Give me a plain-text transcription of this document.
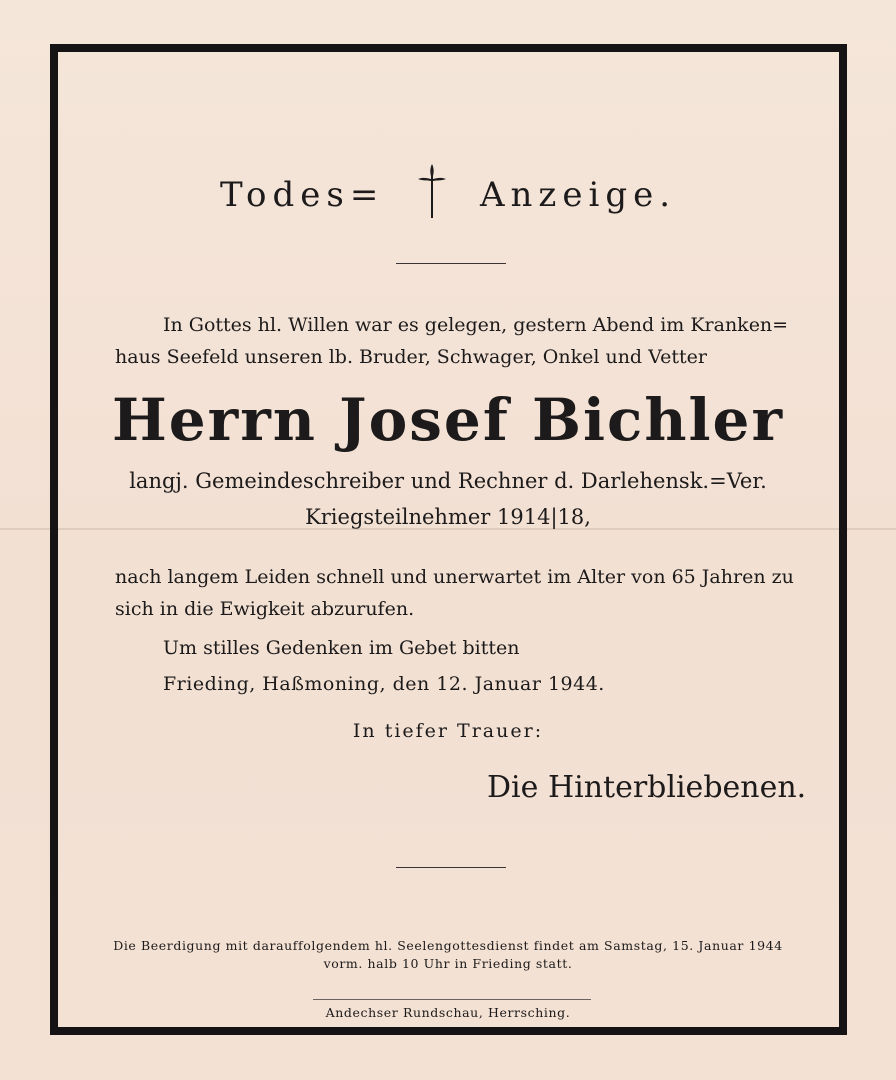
Todes=	Anzeige.
In Gottes hl. Willen war es gelegen, gestern Abend im Kranken=
haus Seefeld unseren lb. Bruder, Schwager, Onkel und Vetter
Herrn Josef Bichler
langj. Gemeindeschreiber und Rechner d. Darlehensk.=Ver.
Kriegsteilnehmer 1914|18,
nach langem Leiden schnell und unerwartet im Alter von 65 Jahren zu
sich in die Ewigkeit abzurufen.
Um stilles Gedenken im Gebet bitten
Frieding, Haßmoning, den 12. Januar 1944.
In tiefer Trauer:
Die Hinterbliebenen.
Die Beerdigung mit darauffolgendem hl. Seelengottesdienst findet am Samstag, 15. Januar 1944
vorm. halb 10 Uhr in Frieding statt.
Andechser Rundschau, Herrsching.
